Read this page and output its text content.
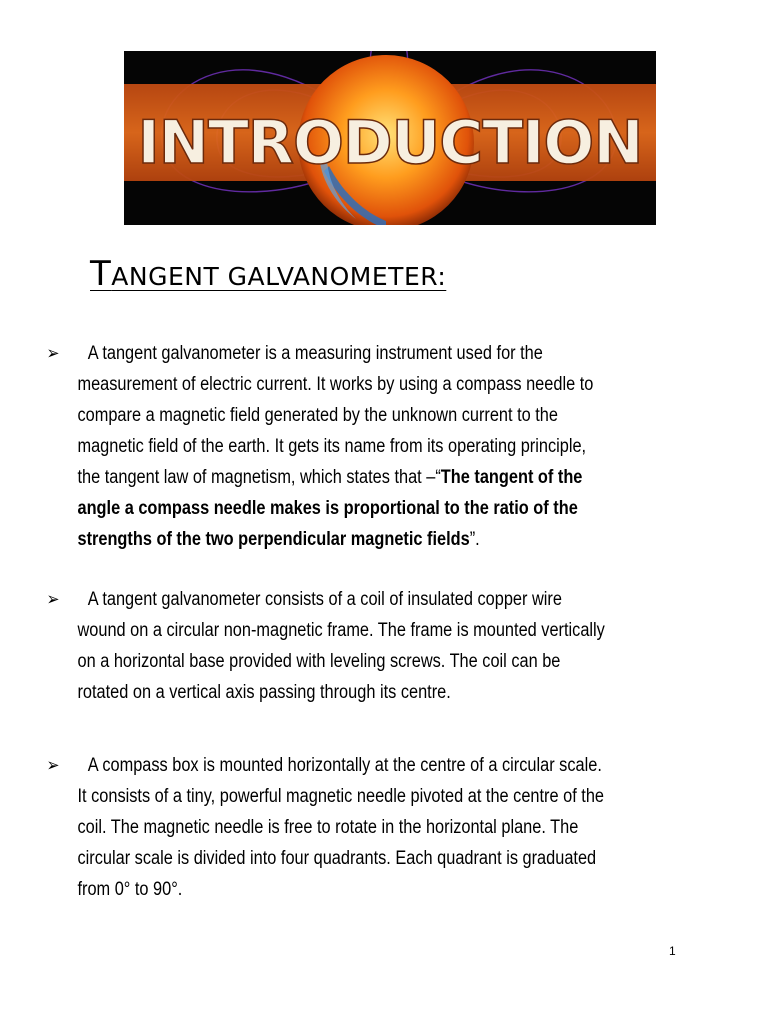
INTRODUCTION
TANGENT GALVANOMETER:

➢ A tangent galvanometer is a measuring instrument used for the measurement of electric current. It works by using a compass needle to compare a magnetic field generated by the unknown current to the magnetic field of the earth. It gets its name from its operating principle, the tangent law of magnetism, which states that –“The tangent of the angle a compass needle makes is proportional to the ratio of the strengths of the two perpendicular magnetic fields”.

➢ A tangent galvanometer consists of a coil of insulated copper wire wound on a circular non-magnetic frame. The frame is mounted vertically on a horizontal base provided with leveling screws. The coil can be rotated on a vertical axis passing through its centre.

➢ A compass box is mounted horizontally at the centre of a circular scale. It consists of a tiny, powerful magnetic needle pivoted at the centre of the coil. The magnetic needle is free to rotate in the horizontal plane. The circular scale is divided into four quadrants. Each quadrant is graduated from 0° to 90°.

1
